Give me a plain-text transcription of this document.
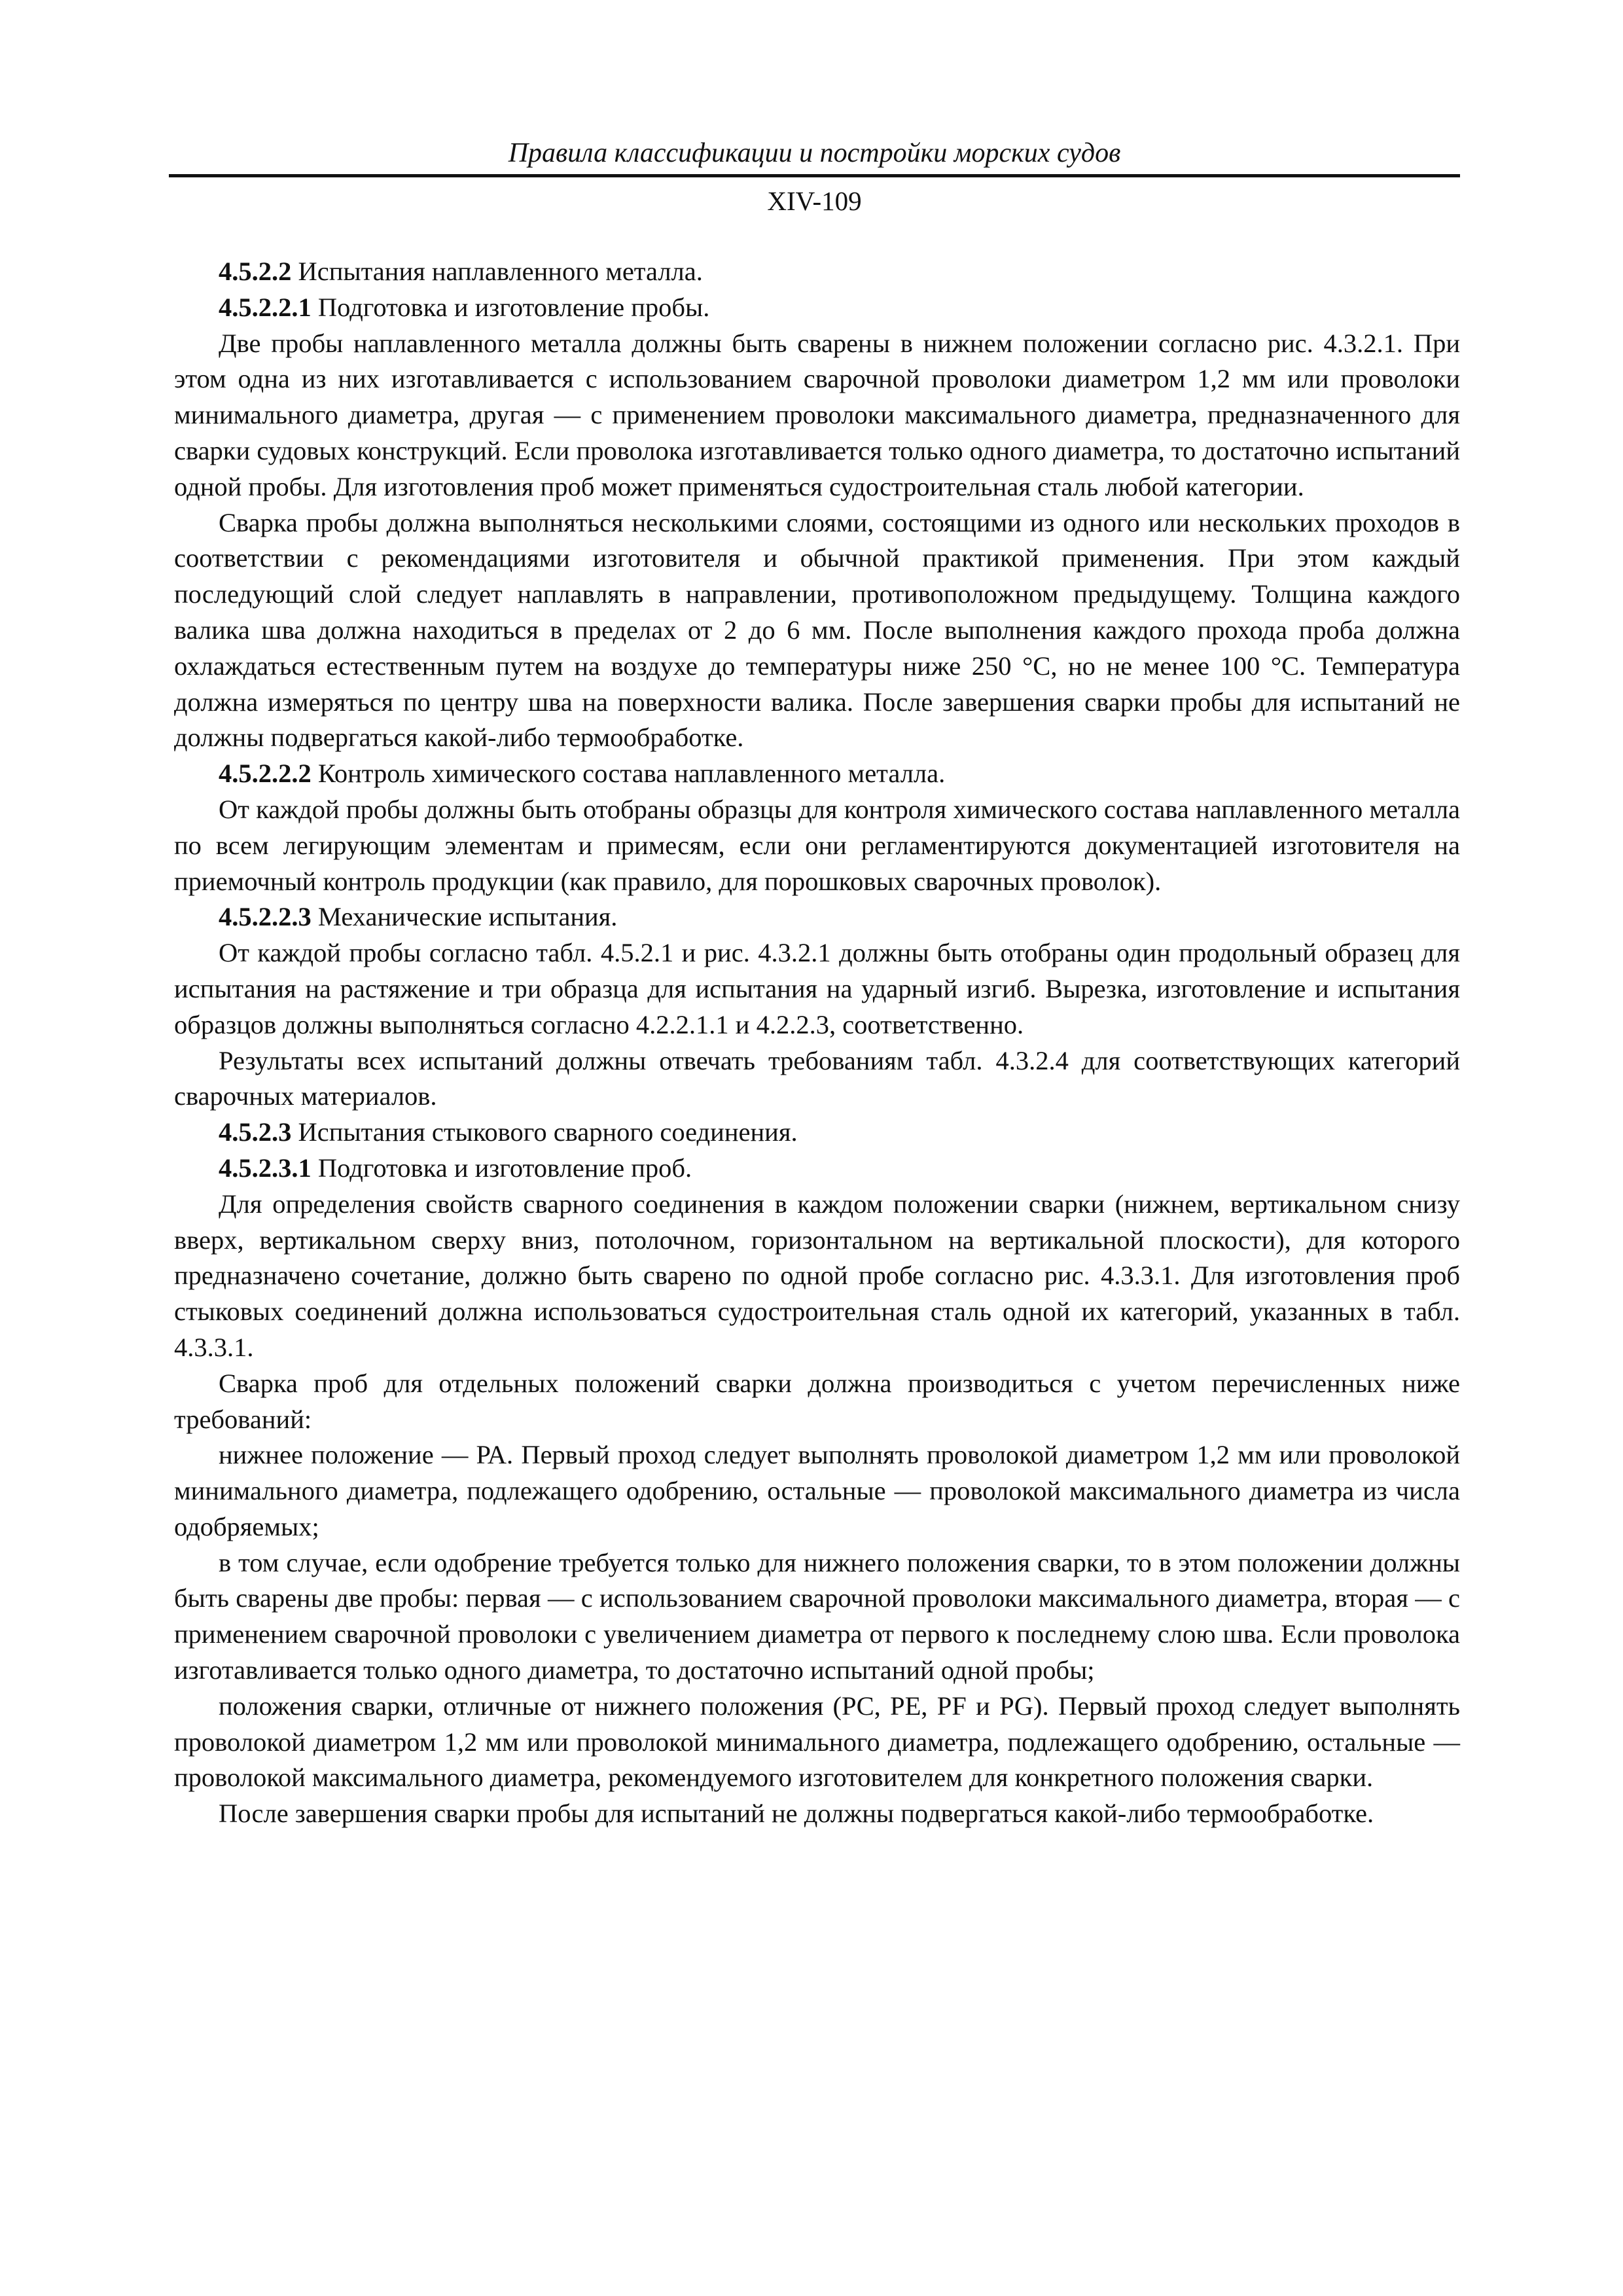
Правила классификации и постройки морских судов
XIV-109

4.5.2.2 Испытания наплавленного металла.

4.5.2.2.1 Подготовка и изготовление пробы.

Две пробы наплавленного металла должны быть сварены в нижнем положении согласно рис. 4.3.2.1. При этом одна из них изготавливается с использованием сварочной проволоки диаметром 1,2 мм или проволоки минимального диаметра, другая — с применением проволоки максимального диаметра, предназначенного для сварки судовых конструкций. Если проволока изготавливается только одного диаметра, то достаточно испытаний одной пробы. Для изготовления проб может применяться судостроительная сталь любой категории.

Сварка пробы должна выполняться несколькими слоями, состоящими из одного или нескольких проходов в соответствии с рекомендациями изготовителя и обычной практикой применения. При этом каждый последующий слой следует наплавлять в направлении, противоположном предыдущему. Толщина каждого валика шва должна находиться в пределах от 2 до 6 мм. После выполнения каждого прохода проба должна охлаждаться естественным путем на воздухе до температуры ниже 250 °С, но не менее 100 °С. Температура должна измеряться по центру шва на поверхности валика. После завершения сварки пробы для испытаний не должны подвергаться какой-либо термообработке.

4.5.2.2.2 Контроль химического состава наплавленного металла.

От каждой пробы должны быть отобраны образцы для контроля химического состава наплавленного металла по всем легирующим элементам и примесям, если они регламентируются документацией изготовителя на приемочный контроль продукции (как правило, для порошковых сварочных проволок).

4.5.2.2.3 Механические испытания.

От каждой пробы согласно табл. 4.5.2.1 и рис. 4.3.2.1 должны быть отобраны один продольный образец для испытания на растяжение и три образца для испытания на ударный изгиб. Вырезка, изготовление и испытания образцов должны выполняться согласно 4.2.2.1.1 и 4.2.2.3, соответственно.

Результаты всех испытаний должны отвечать требованиям табл. 4.3.2.4 для соответствующих категорий сварочных материалов.

4.5.2.3 Испытания стыкового сварного соединения.

4.5.2.3.1 Подготовка и изготовление проб.

Для определения свойств сварного соединения в каждом положении сварки (нижнем, вертикальном снизу вверх, вертикальном сверху вниз, потолочном, горизонтальном на вертикальной плоскости), для которого предназначено сочетание, должно быть сварено по одной пробе согласно рис. 4.3.3.1. Для изготовления проб стыковых соединений должна использоваться судостроительная сталь одной их категорий, указанных в табл. 4.3.3.1.

Сварка проб для отдельных положений сварки должна производиться с учетом перечисленных ниже требований:

нижнее положение — РА. Первый проход следует выполнять проволокой диаметром 1,2 мм или проволокой минимального диаметра, подлежащего одобрению, остальные — проволокой максимального диаметра из числа одобряемых;

в том случае, если одобрение требуется только для нижнего положения сварки, то в этом положении должны быть сварены две пробы: первая — с использованием сварочной проволоки максимального диаметра, вторая — с применением сварочной проволоки с увеличением диаметра от первого к последнему слою шва. Если проволока изготавливается только одного диаметра, то достаточно испытаний одной пробы;

положения сварки, отличные от нижнего положения (PC, PE, PF и PG). Первый проход следует выполнять проволокой диаметром 1,2 мм или проволокой минимального диаметра, подлежащего одобрению, остальные — проволокой максимального диаметра, рекомендуемого изготовителем для конкретного положения сварки.

После завершения сварки пробы для испытаний не должны подвергаться какой-либо термообработке.
